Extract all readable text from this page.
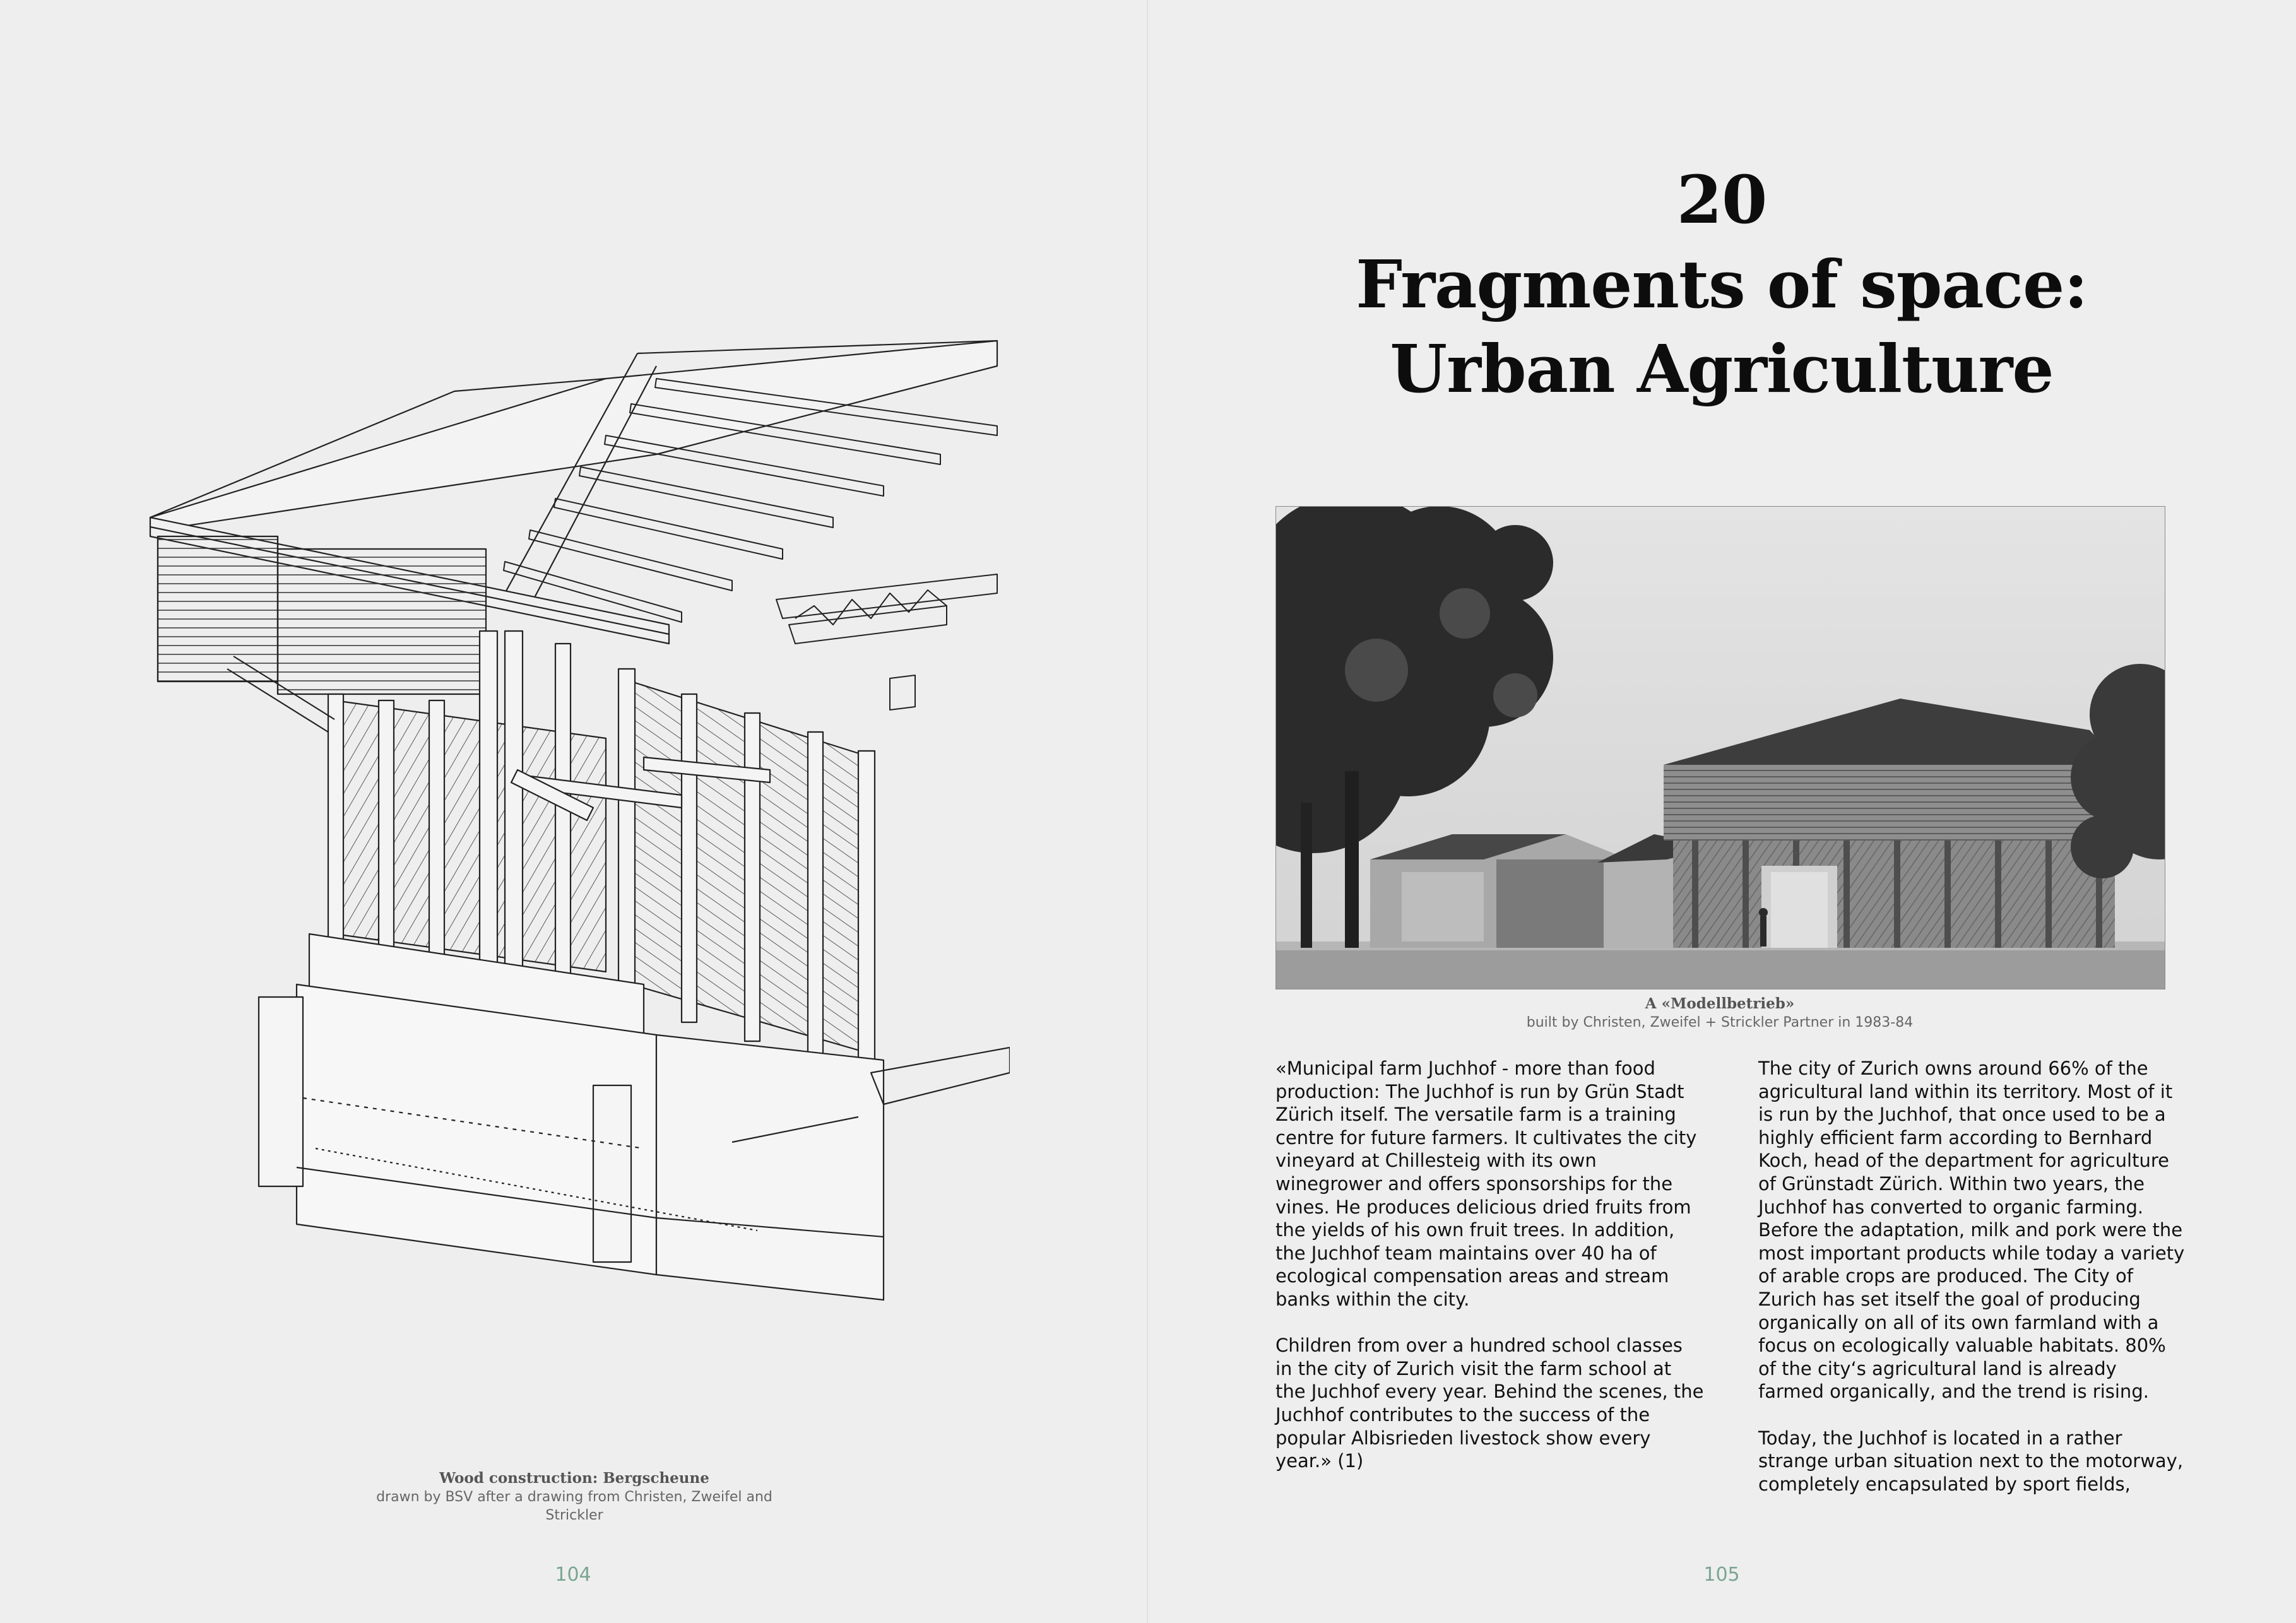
Wood construction: Bergscheune
drawn by BSV after a drawing from Christen, Zweifel and Strickler
104
20
Fragments of space:
Urban Agriculture
A «Modellbetrieb»
built by Christen, Zweifel + Strickler Partner in 1983-84

«Municipal farm Juchhof - more than food production: The Juchhof is run by Grün Stadt Zürich itself. The versatile farm is a training centre for future farmers. It cultivates the city vineyard at Chillesteig with its own winegrower and offers sponsorships for the vines. He produces delicious dried fruits from the yields of his own fruit trees. In addition, the Juchhof team maintains over 40 ha of ecological compensation areas and stream banks within the city.

Children from over a hundred school classes in the city of Zurich visit the farm school at the Juchhof every year. Behind the scenes, the Juchhof contributes to the success of the popular Albisrieden livestock show every year.» (1)

The city of Zurich owns around 66% of the agricultural land within its territory. Most of it is run by the Juchhof, that once used to be a highly efficient farm according to Bernhard Koch, head of the department for agriculture of Grünstadt Zürich. Within two years, the Juchhof has converted to organic farming. Before the adaptation, milk and pork were the most important products while today a variety of arable crops are produced. The City of Zurich has set itself the goal of producing organically on all of its own farmland with a focus on ecologically valuable habitats. 80% of the city‘s agricultural land is already farmed organically, and the trend is rising.

Today, the Juchhof is located in a rather strange urban situation next to the motorway, completely encapsulated by sport fields,

105
